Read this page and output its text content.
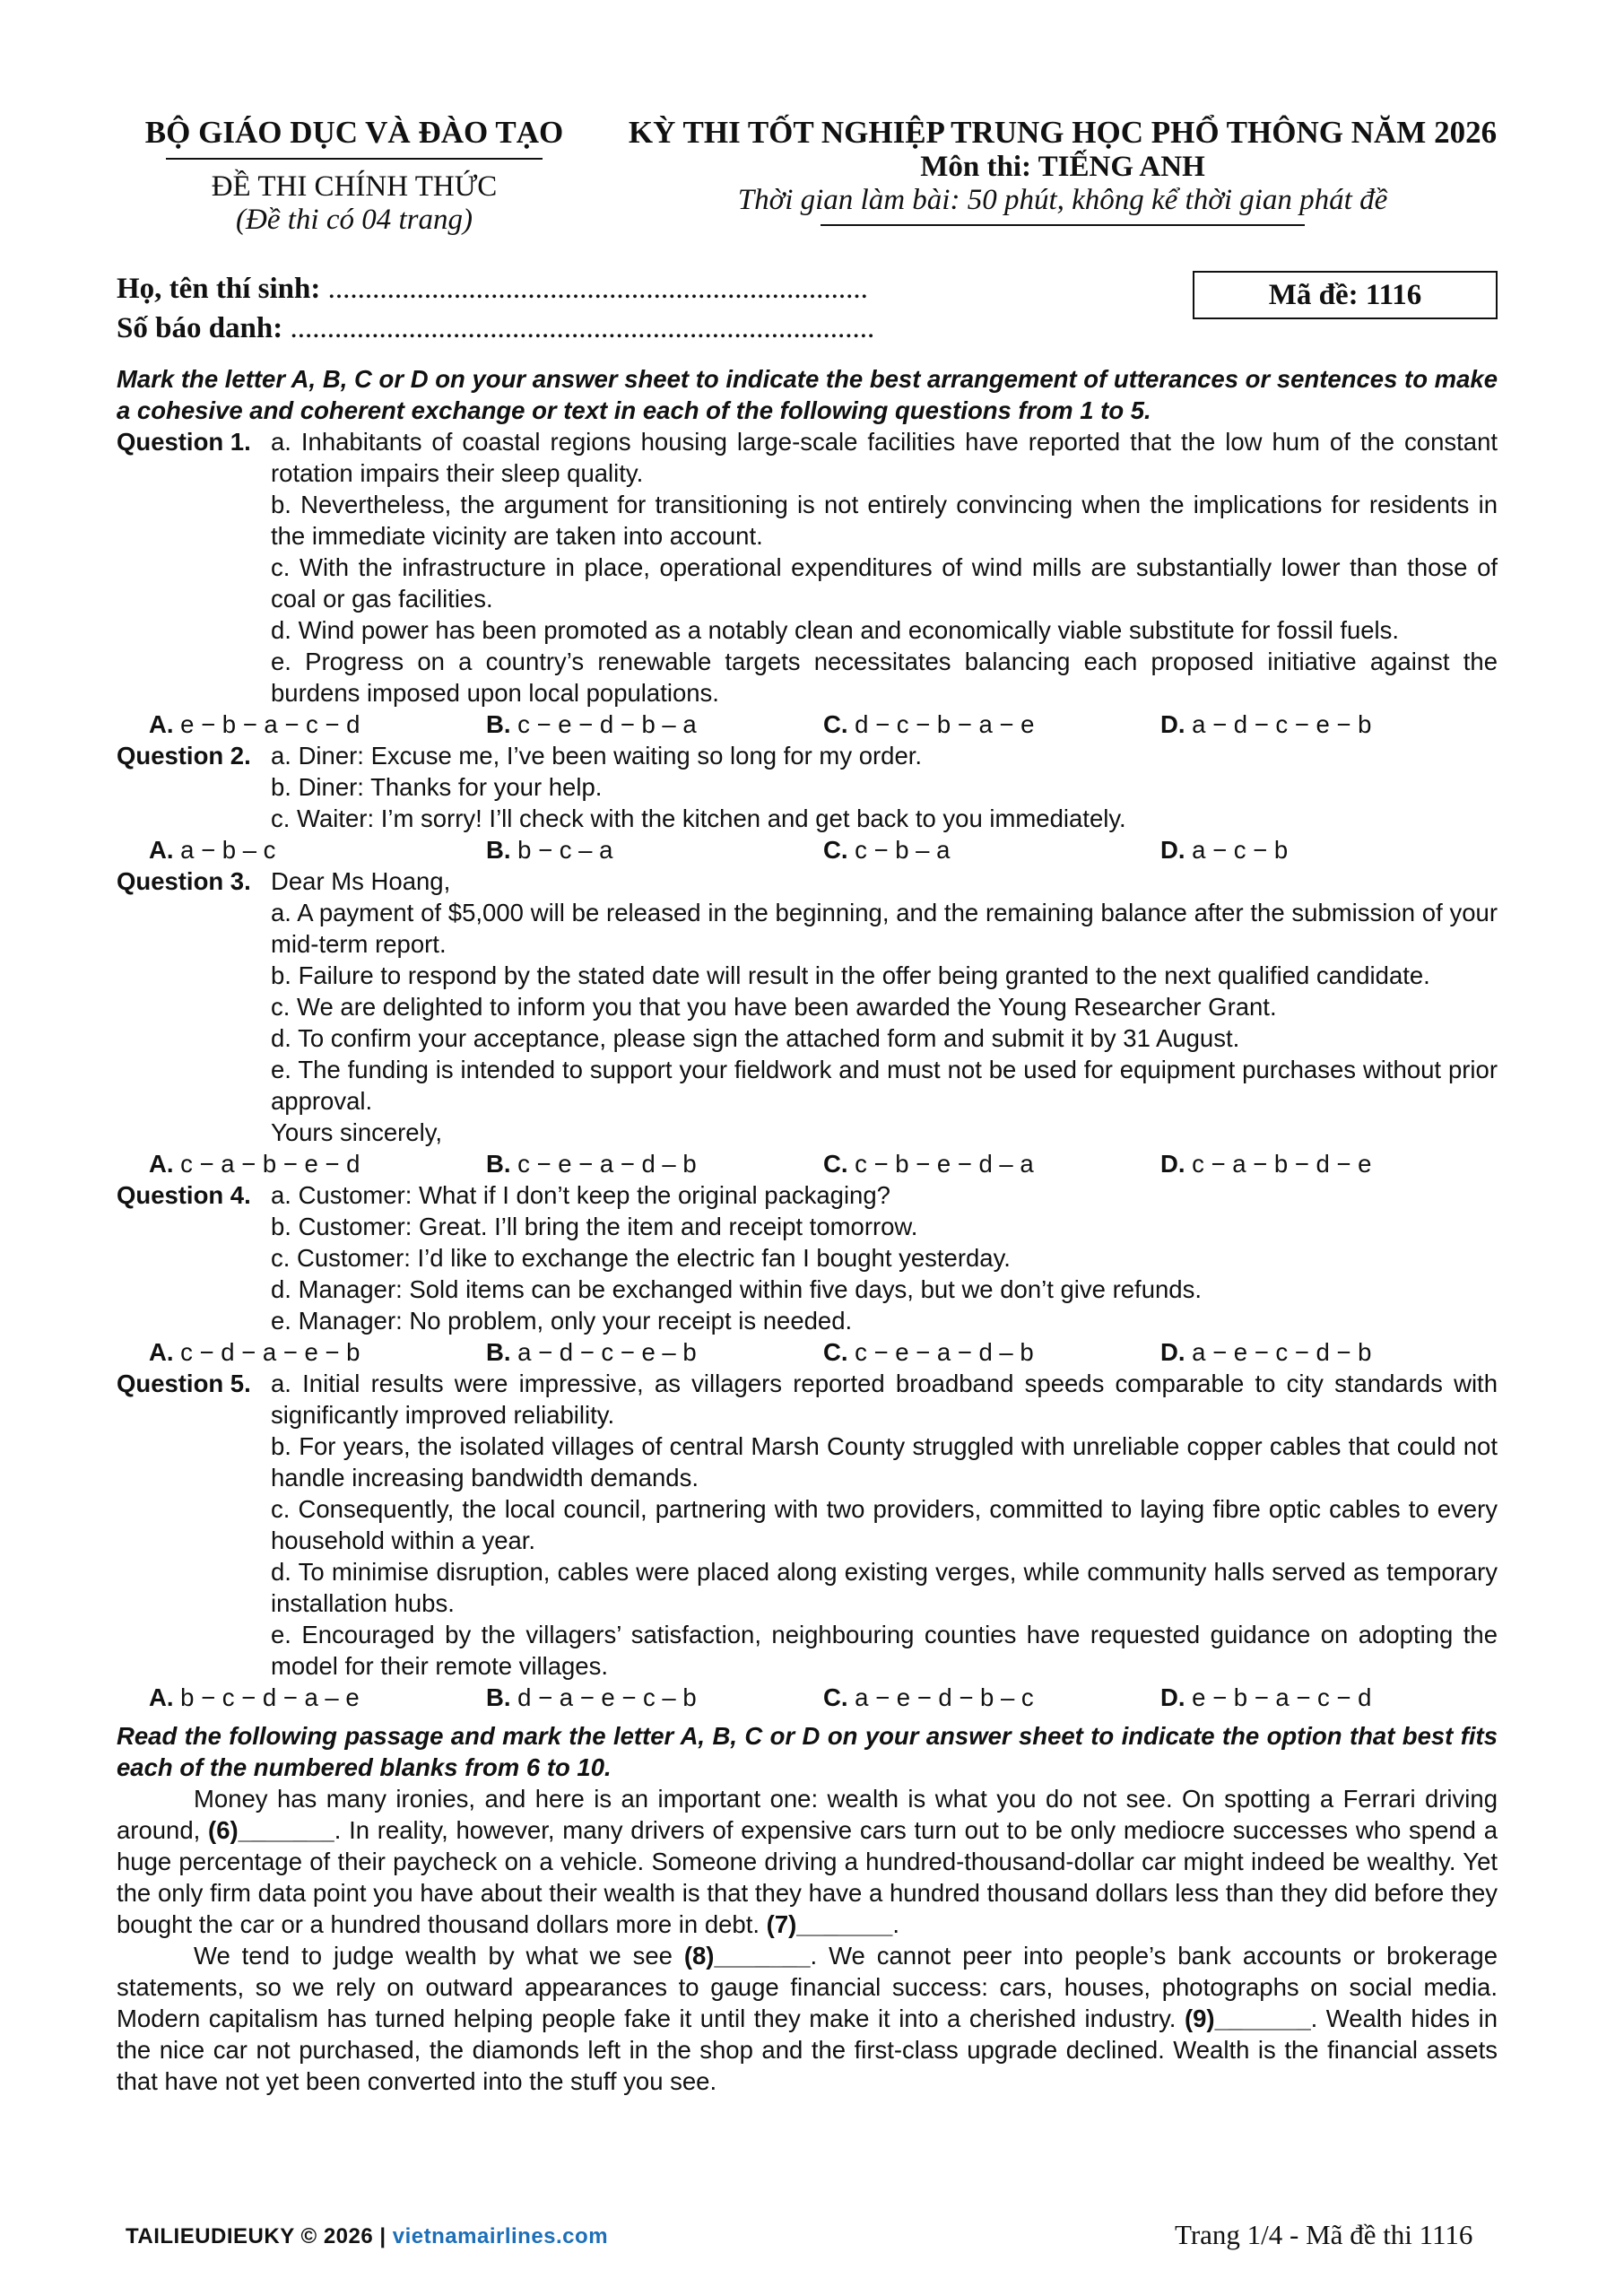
BỘ GIÁO DỤC VÀ ĐÀO TẠO
ĐỀ THI CHÍNH THỨC
(Đề thi có 04 trang)
KỲ THI TỐT NGHIỆP TRUNG HỌC PHỔ THÔNG NĂM 2026
Môn thi: TIẾNG ANH
Thời gian làm bài: 50 phút, không kể thời gian phát đề
Họ, tên thí sinh: .........................................................................
Số báo danh: ...............................................................................
Mã đề: 1116
Mark the letter A, B, C or D on your answer sheet to indicate the best arrangement of utterances or sentences to make a cohesive and coherent exchange or text in each of the following questions from 1 to 5.
Question 1. a. Inhabitants of coastal regions housing large-scale facilities have reported that the low hum of the constant rotation impairs their sleep quality.
b. Nevertheless, the argument for transitioning is not entirely convincing when the implications for residents in the immediate vicinity are taken into account.
c. With the infrastructure in place, operational expenditures of wind mills are substantially lower than those of coal or gas facilities.
d. Wind power has been promoted as a notably clean and economically viable substitute for fossil fuels.
e. Progress on a country’s renewable targets necessitates balancing each proposed initiative against the burdens imposed upon local populations.
A. e − b − a − c − d	B. c − e − d − b – a	C. d − c − b − a − e	D. a − d − c − e − b
Question 2. a. Diner: Excuse me, I’ve been waiting so long for my order.
b. Diner: Thanks for your help.
c. Waiter: I’m sorry! I’ll check with the kitchen and get back to you immediately.
A. a − b – c	B. b − c – a	C. c − b – a	D. a − c − b
Question 3. Dear Ms Hoang,
a. A payment of $5,000 will be released in the beginning, and the remaining balance after the submission of your mid-term report.
b. Failure to respond by the stated date will result in the offer being granted to the next qualified candidate.
c. We are delighted to inform you that you have been awarded the Young Researcher Grant.
d. To confirm your acceptance, please sign the attached form and submit it by 31 August.
e. The funding is intended to support your fieldwork and must not be used for equipment purchases without prior approval.
Yours sincerely,
A. c − a − b − e − d	B. c − e − a − d – b	C. c − b − e − d – a	D. c − a − b − d − e
Question 4. a. Customer: What if I don’t keep the original packaging?
b. Customer: Great. I’ll bring the item and receipt tomorrow.
c. Customer: I’d like to exchange the electric fan I bought yesterday.
d. Manager: Sold items can be exchanged within five days, but we don’t give refunds.
e. Manager: No problem, only your receipt is needed.
A. c − d − a − e − b	B. a − d − c − e – b	C. c − e − a − d – b	D. a − e − c − d − b
Question 5. a. Initial results were impressive, as villagers reported broadband speeds comparable to city standards with significantly improved reliability.
b. For years, the isolated villages of central Marsh County struggled with unreliable copper cables that could not handle increasing bandwidth demands.
c. Consequently, the local council, partnering with two providers, committed to laying fibre optic cables to every household within a year.
d. To minimise disruption, cables were placed along existing verges, while community halls served as temporary installation hubs.
e. Encouraged by the villagers’ satisfaction, neighbouring counties have requested guidance on adopting the model for their remote villages.
A. b − c − d − a – e	B. d − a − e − c – b	C. a − e − d − b – c	D. e − b − a − c − d
Read the following passage and mark the letter A, B, C or D on your answer sheet to indicate the option that best fits each of the numbered blanks from 6 to 10.
Money has many ironies, and here is an important one: wealth is what you do not see. On spotting a Ferrari driving around, (6)_______. In reality, however, many drivers of expensive cars turn out to be only mediocre successes who spend a huge percentage of their paycheck on a vehicle. Someone driving a hundred-thousand-dollar car might indeed be wealthy. Yet the only firm data point you have about their wealth is that they have a hundred thousand dollars less than they did before they bought the car or a hundred thousand dollars more in debt. (7)_______.
We tend to judge wealth by what we see (8)_______. We cannot peer into people’s bank accounts or brokerage statements, so we rely on outward appearances to gauge financial success: cars, houses, photographs on social media. Modern capitalism has turned helping people fake it until they make it into a cherished industry. (9)_______. Wealth hides in the nice car not purchased, the diamonds left in the shop and the first-class upgrade declined. Wealth is the financial assets that have not yet been converted into the stuff you see.
TAILIEUDIEUKY © 2026 | vietnamairlines.com	Trang 1/4 - Mã đề thi 1116
